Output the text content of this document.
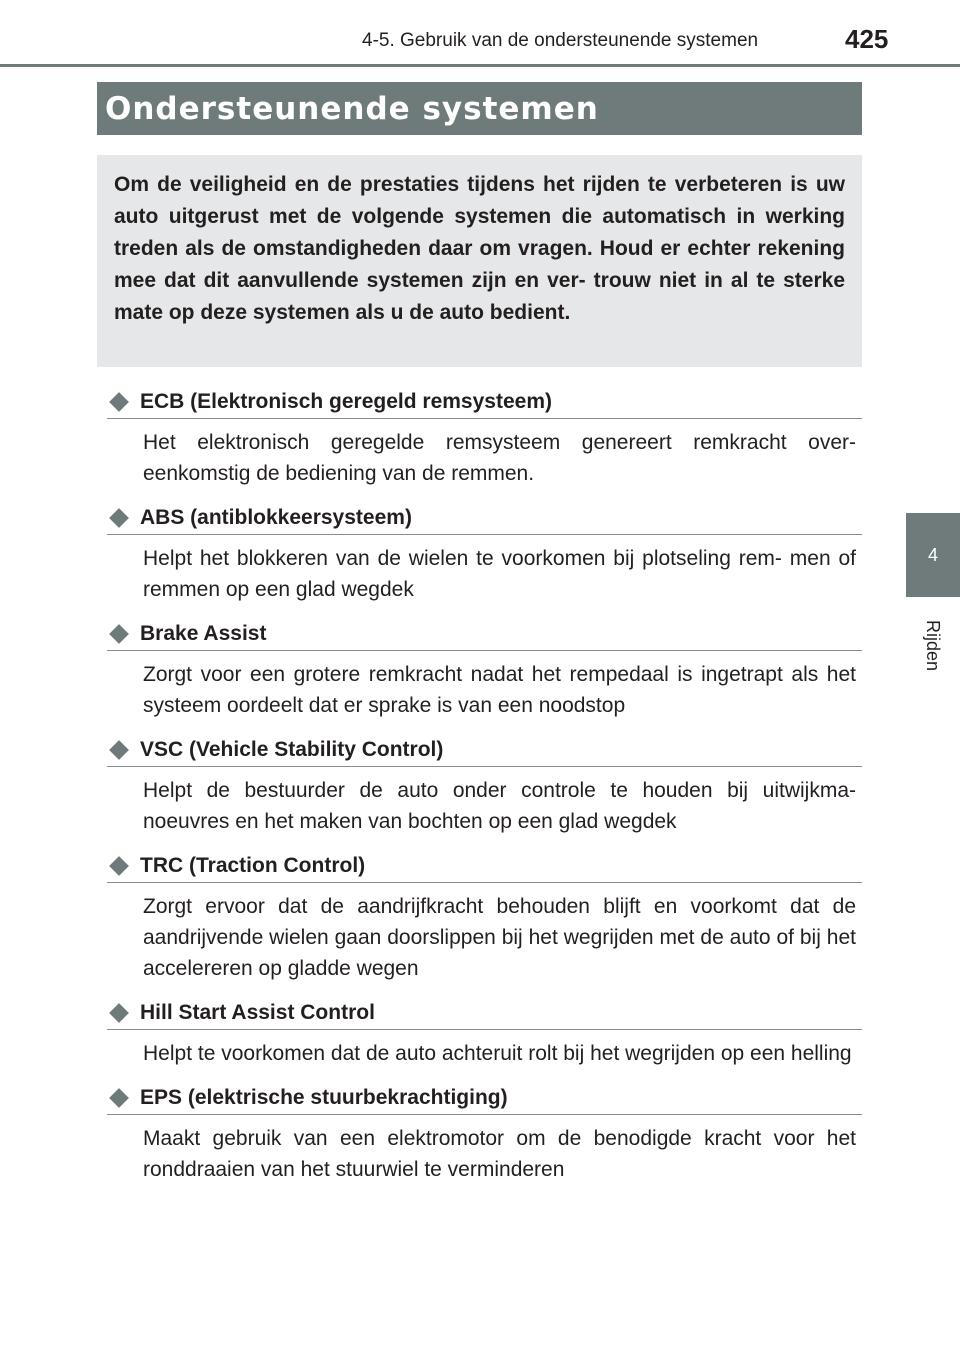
4-5. Gebruik van de ondersteunende systemen	425
4
Rijden
Ondersteunende systemen

Om de veiligheid en de prestaties tijdens het rijden te verbeteren is uw auto uitgerust met de volgende systemen die automatisch in werking treden als de omstandigheden daar om vragen. Houd er echter rekening mee dat dit aanvullende systemen zijn en ver- trouw niet in al te sterke mate op deze systemen als u de auto bedient.

ECB (Elektronisch geregeld remsysteem)
Het elektronisch geregelde remsysteem genereert remkracht over- eenkomstig de bediening van de remmen.
ABS (antiblokkeersysteem)
Helpt het blokkeren van de wielen te voorkomen bij plotseling rem- men of remmen op een glad wegdek
Brake Assist
Zorgt voor een grotere remkracht nadat het rempedaal is ingetrapt als het systeem oordeelt dat er sprake is van een noodstop
VSC (Vehicle Stability Control)
Helpt de bestuurder de auto onder controle te houden bij uitwijkma- noeuvres en het maken van bochten op een glad wegdek
TRC (Traction Control)
Zorgt ervoor dat de aandrijfkracht behouden blijft en voorkomt dat de aandrijvende wielen gaan doorslippen bij het wegrijden met de auto of bij het accelereren op gladde wegen
Hill Start Assist Control
Helpt te voorkomen dat de auto achteruit rolt bij het wegrijden op een helling
EPS (elektrische stuurbekrachtiging)
Maakt gebruik van een elektromotor om de benodigde kracht voor het ronddraaien van het stuurwiel te verminderen
